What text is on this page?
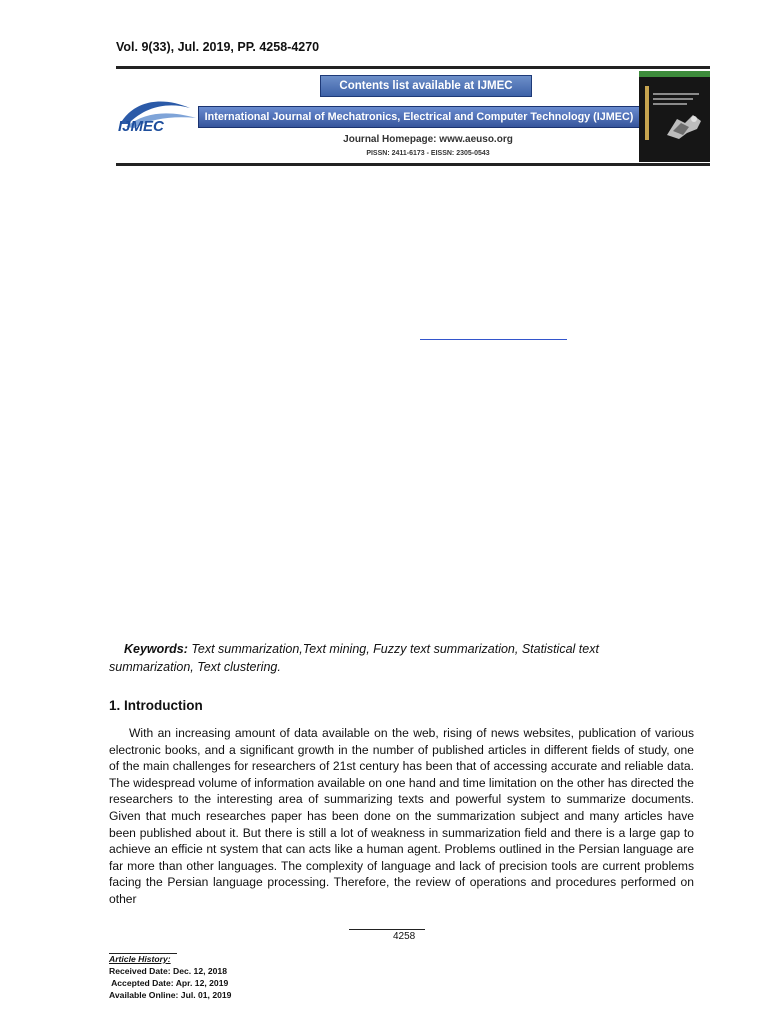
Vol. 9(33), Jul. 2019, PP. 4258-4270
IJMEC
Contents list available at IJMEC
International Journal of Mechatronics, Electrical and Computer Technology (IJMEC)
Journal Homepage: www.aeuso.org
PISSN: 2411-6173 - EISSN: 2305-0543
Keywords: Text summarization,Text mining, Fuzzy text summarization, Statistical text summarization, Text clustering.
1. Introduction
With an increasing amount of data available on the web, rising of news websites, publication of various electronic books, and a significant growth in the number of published articles in different fields of study, one of the main challenges for researchers of 21st century has been that of accessing accurate and reliable data. The widespread volume of information available on one hand and time limitation on the other has directed the researchers to the interesting area of summarizing texts and powerful system to summarize documents. Given that much researches paper has been done on the summarization subject and many articles have been published about it. But there is still a lot of weakness in summarization field and there is a large gap to achieve an efficie nt system that can acts like a human agent. Problems outlined in the Persian language are far more than other languages. The complexity of language and lack of precision tools are current problems facing the Persian language processing. Therefore, the review of operations and procedures performed on other
4258
Article History:
Received Date: Dec. 12, 2018
Accepted Date: Apr. 12, 2019
Available Online: Jul. 01, 2019
